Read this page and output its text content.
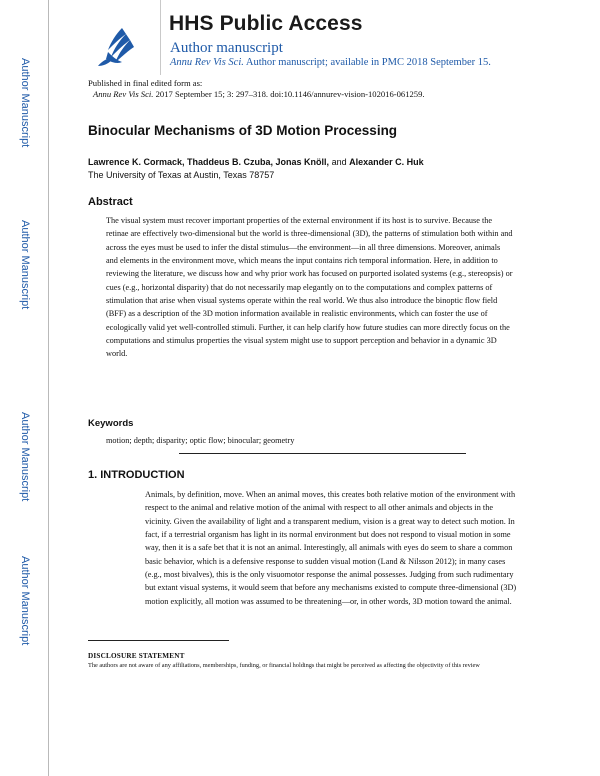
HHS Public Access
Author manuscript
Annu Rev Vis Sci. Author manuscript; available in PMC 2018 September 15.
Author Manuscript
Author Manuscript
Author Manuscript
Author Manuscript
Published in final edited form as:
Annu Rev Vis Sci. 2017 September 15; 3: 297–318. doi:10.1146/annurev-vision-102016-061259.
Binocular Mechanisms of 3D Motion Processing
Lawrence K. Cormack, Thaddeus B. Czuba, Jonas Knöll, and Alexander C. Huk
The University of Texas at Austin, Texas 78757
Abstract

The visual system must recover important properties of the external environment if its host is to survive. Because the retinae are effectively two-dimensional but the world is three-dimensional (3D), the patterns of stimulation both within and across the eyes must be used to infer the distal stimulus—the environment—in all three dimensions. Moreover, animals and elements in the environment move, which means the input contains rich temporal information. Here, in addition to reviewing the literature, we discuss how and why prior work has focused on purported isolated systems (e.g., stereopsis) or cues (e.g., horizontal disparity) that do not necessarily map elegantly on to the computations and complex patterns of stimulation that arise when visual systems operate within the real world. We thus also introduce the binoptic flow field (BFF) as a description of the 3D motion information available in realistic environments, which can foster the use of ecologically valid yet well-controlled stimuli. Further, it can help clarify how future studies can more directly focus on the computations and stimulus properties the visual system might use to support perception and behavior in a dynamic 3D world.

Keywords
motion; depth; disparity; optic flow; binocular; geometry
1. INTRODUCTION

Animals, by definition, move. When an animal moves, this creates both relative motion of the environment with respect to the animal and relative motion of the animal with respect to all other animals and objects in the vicinity. Given the availability of light and a transparent medium, vision is a great way to detect such motion. In fact, if a terrestrial organism has light in its normal environment but does not respond to visual motion in some way, then it is a safe bet that it is not an animal. Interestingly, all animals with eyes do seem to share a common basic behavior, which is a defensive response to sudden visual motion (Land & Nilsson 2012); in many cases (e.g., most bivalves), this is the only visuomotor response the animal possesses. Judging from such rudimentary but extant visual systems, it would seem that before any mechanisms existed to compute three-dimensional (3D) motion explicitly, all motion was assumed to be threatening—or, in other words, 3D motion toward the animal.

DISCLOSURE STATEMENT

The authors are not aware of any affiliations, memberships, funding, or financial holdings that might be perceived as affecting the objectivity of this review
